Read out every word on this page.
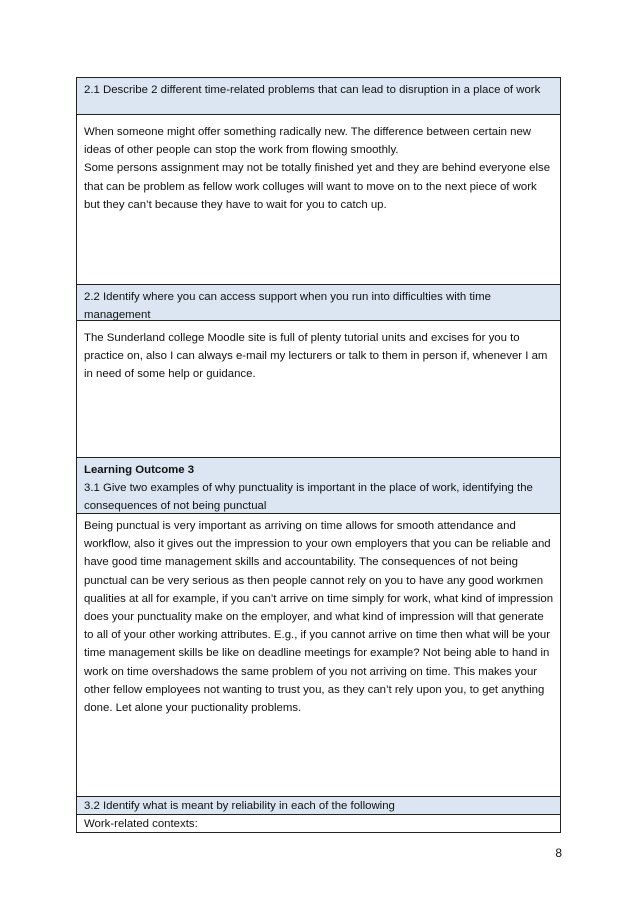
2.1 Describe 2 different time-related problems that can lead to disruption in a place of work
When someone might offer something radically new. The difference between certain new ideas of other people can stop the work from flowing smoothly.
Some persons assignment may not be totally finished yet and they are behind everyone else that can be problem as fellow work colluges will want to move on to the next piece of work but they can’t because they have to wait for you to catch up.
2.2 Identify where you can access support when you run into difficulties with time management
The Sunderland college Moodle site is full of plenty tutorial units and excises for you to practice on, also I can always e-mail my lecturers or talk to them in person if, whenever I am in need of some help or guidance.
Learning Outcome 3
3.1 Give two examples of why punctuality is important in the place of work, identifying the consequences of not being punctual
Being punctual is very important as arriving on time allows for smooth attendance and workflow, also it gives out the impression to your own employers that you can be reliable and have good time management skills and accountability. The consequences of not being punctual can be very serious as then people cannot rely on you to have any good workmen qualities at all for example, if you can’t arrive on time simply for work, what kind of impression does your punctuality make on the employer, and what kind of impression will that generate to all of your other working attributes. E.g., if you cannot arrive on time then what will be your time management skills be like on deadline meetings for example? Not being able to hand in work on time overshadows the same problem of you not arriving on time. This makes your other fellow employees not wanting to trust you, as they can’t rely upon you, to get anything done. Let alone your puctionality problems.
3.2 Identify what is meant by reliability in each of the following
Work-related contexts:
8
